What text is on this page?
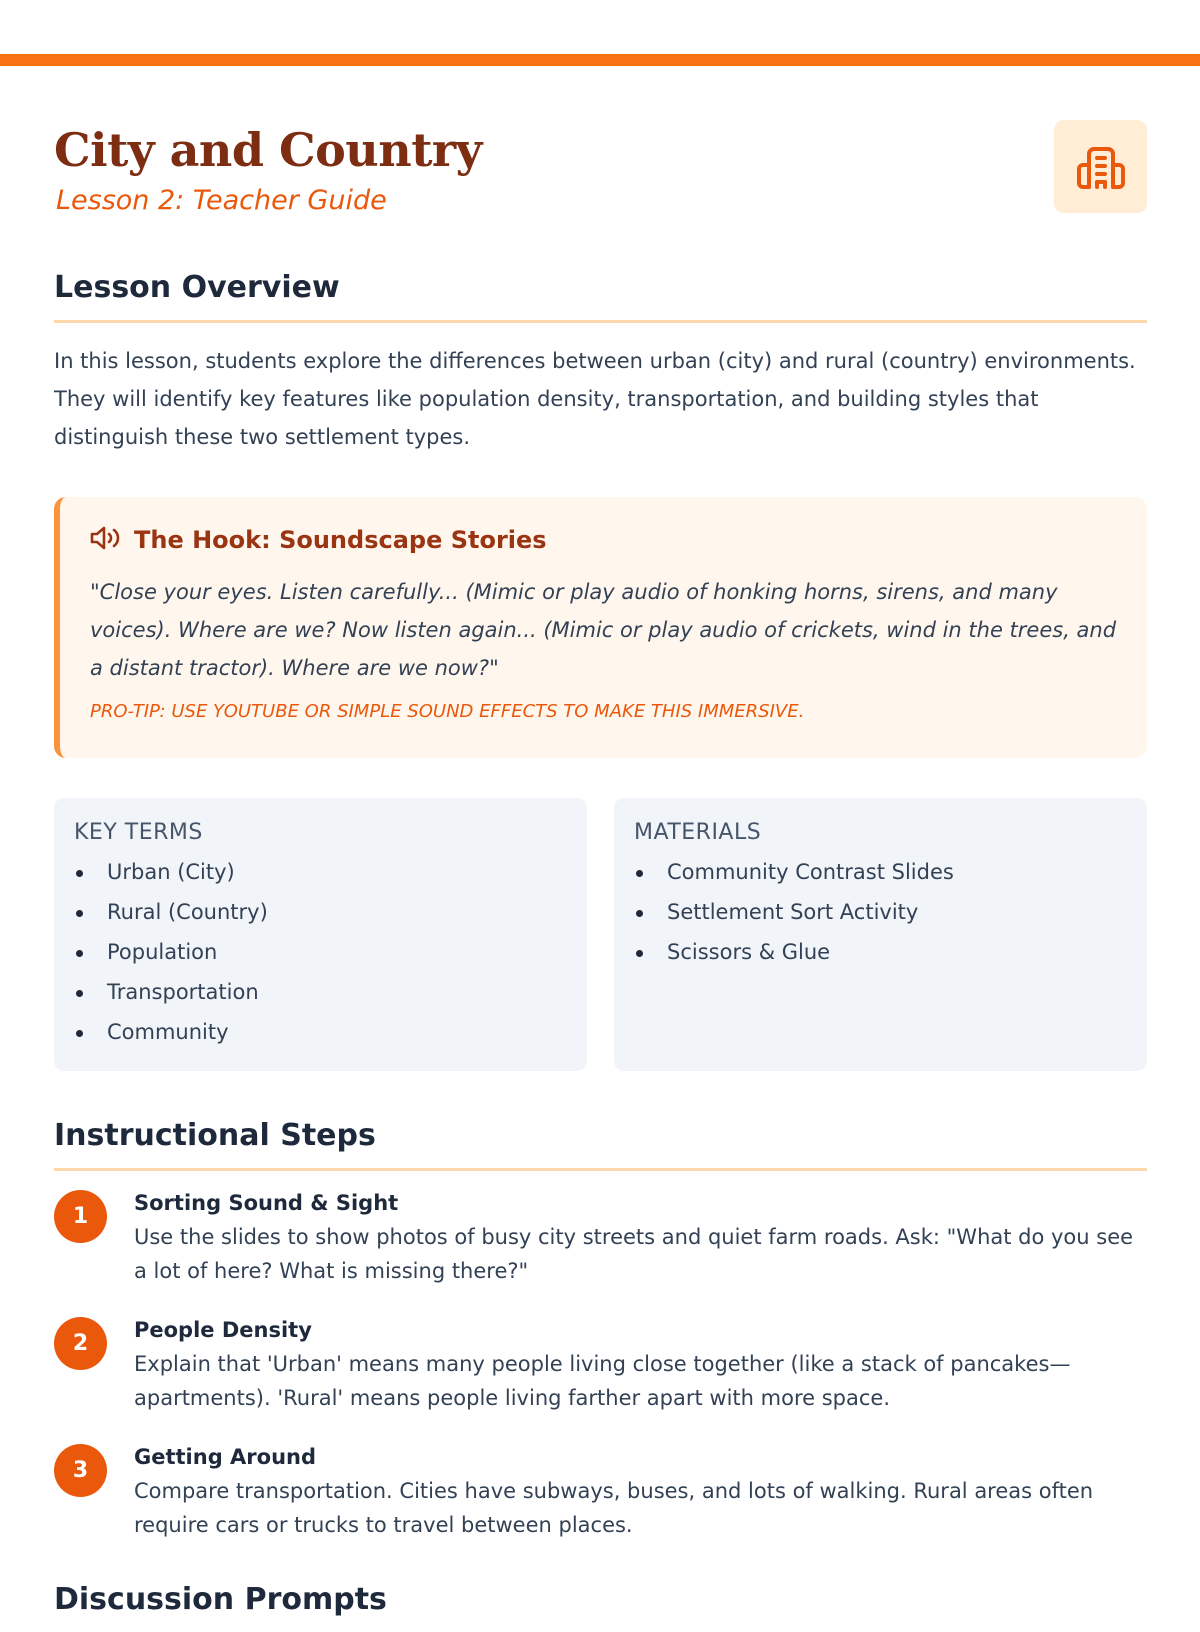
City and Country
Lesson 2: Teacher Guide
Lesson Overview

In this lesson, students explore the differences between urban (city) and rural (country) environments. They will identify key features like population density, transportation, and building styles that distinguish these two settlement types.

The Hook: Soundscape Stories

"Close your eyes. Listen carefully... (Mimic or play audio of honking horns, sirens, and many voices). Where are we? Now listen again... (Mimic or play audio of crickets, wind in the trees, and a distant tractor). Where are we now?"

PRO-TIP: USE YOUTUBE OR SIMPLE SOUND EFFECTS TO MAKE THIS IMMERSIVE.

KEY TERMS
Urban (City)
Rural (Country)
Population
Transportation
Community
MATERIALS
Community Contrast Slides
Settlement Sort Activity
Scissors & Glue
Instructional Steps
1
Sorting Sound & Sight
Use the slides to show photos of busy city streets and quiet farm roads. Ask: "What do you see a lot of here? What is missing there?"
2
People Density
Explain that 'Urban' means many people living close together (like a stack of pancakes—apartments). 'Rural' means people living farther apart with more space.
3
Getting Around
Compare transportation. Cities have subways, buses, and lots of walking. Rural areas often require cars or trucks to travel between places.
Discussion Prompts
